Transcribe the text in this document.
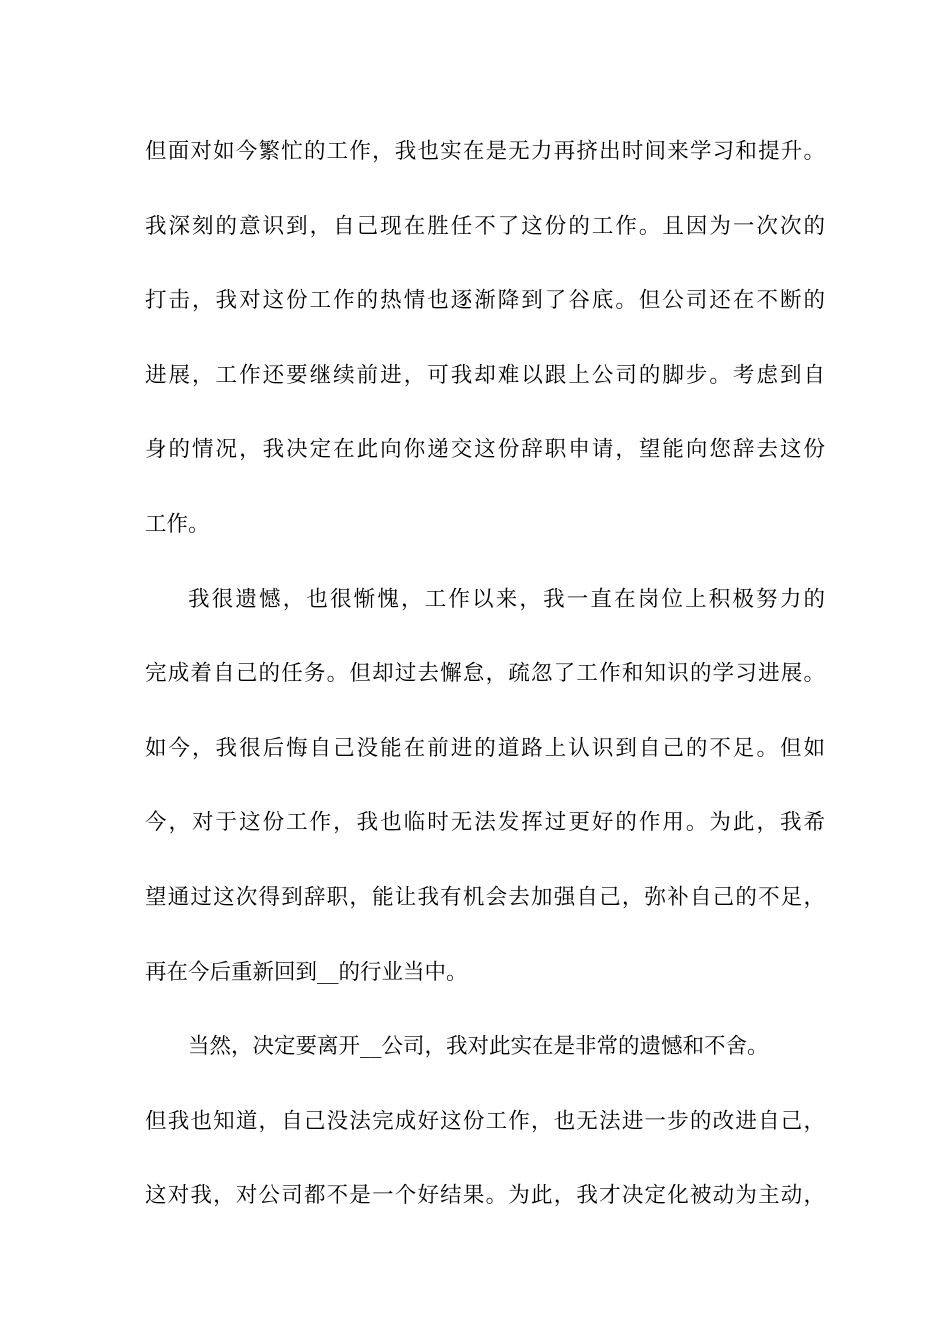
但面对如今繁忙的工作，我也实在是无力再挤出时间来学习和提升。
我深刻的意识到，自己现在胜任不了这份的工作。且因为一次次的
打击，我对这份工作的热情也逐渐降到了谷底。但公司还在不断的
进展，工作还要继续前进，可我却难以跟上公司的脚步。考虑到自
身的情况，我决定在此向你递交这份辞职申请，望能向您辞去这份
工作。
我很遗憾，也很惭愧，工作以来，我一直在岗位上积极努力的
完成着自己的任务。但却过去懈怠，疏忽了工作和知识的学习进展。
如今，我很后悔自己没能在前进的道路上认识到自己的不足。但如
今，对于这份工作，我也临时无法发挥过更好的作用。为此，我希
望通过这次得到辞职，能让我有机会去加强自己，弥补自己的不足，
再在今后重新回到__的行业当中。
当然，决定要离开__公司，我对此实在是非常的遗憾和不舍。
但我也知道，自己没法完成好这份工作，也无法进一步的改进自己，
这对我，对公司都不是一个好结果。为此，我才决定化被动为主动，
